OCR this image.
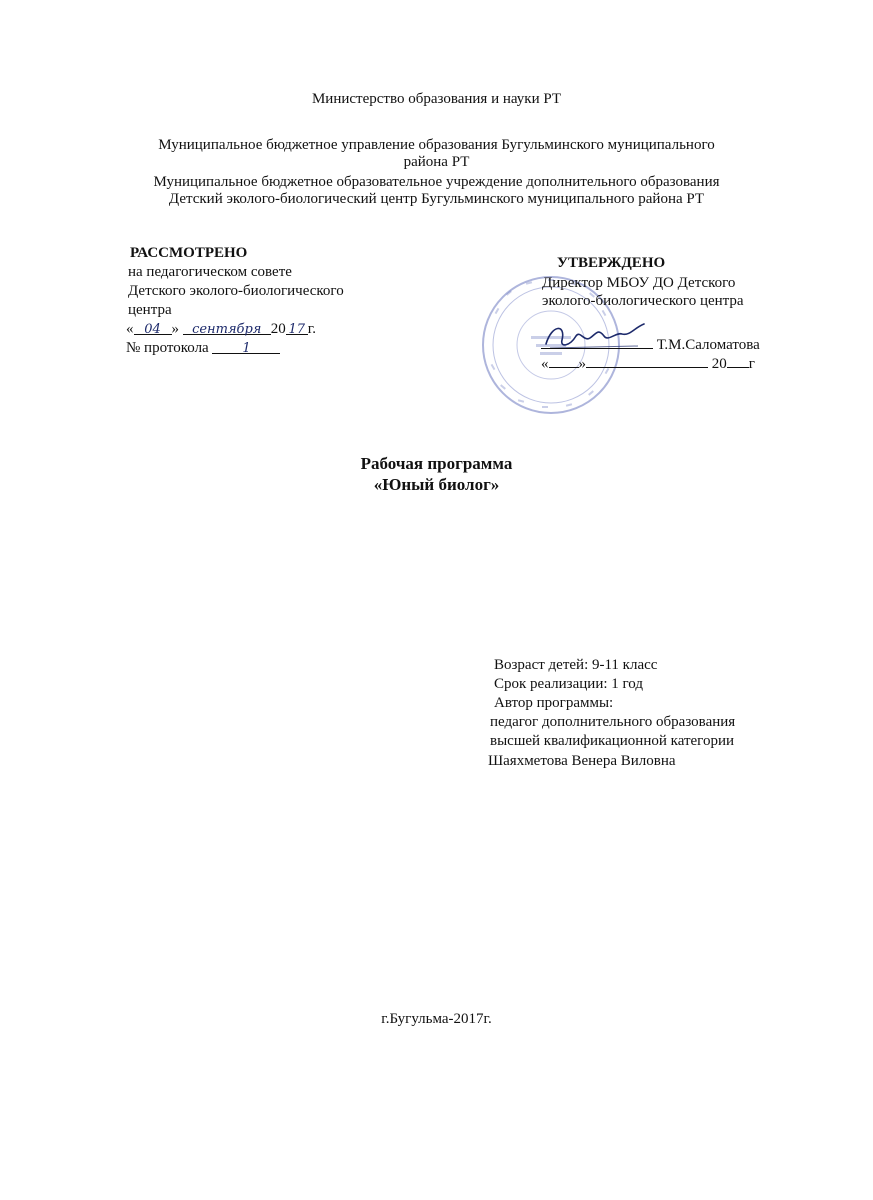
Министерство образования и науки РТ
Муниципальное бюджетное управление образования Бугульминского муниципального
района РТ
Муниципальное бюджетное образовательное учреждение дополнительного образования
Детский эколого-биологический центр Бугульминского муниципального района РТ
РАССМОТРЕНО
на педагогическом совете
Детского эколого-биологического
центра
« 04 » сентября 20 17 г.
№ протокола	1
УТВЕРЖДЕНО
Директор МБОУ ДО Детского
эколого-биологического центра
Т.М.Саломатова
« »	20 г
Рабочая программа
«Юный биолог»
Возраст детей: 9-11 класс
Срок реализации: 1 год
Автор программы:
педагог дополнительного образования
высшей квалификационной категории
Шаяхметова Венера Виловна
г.Бугульма-2017г.
